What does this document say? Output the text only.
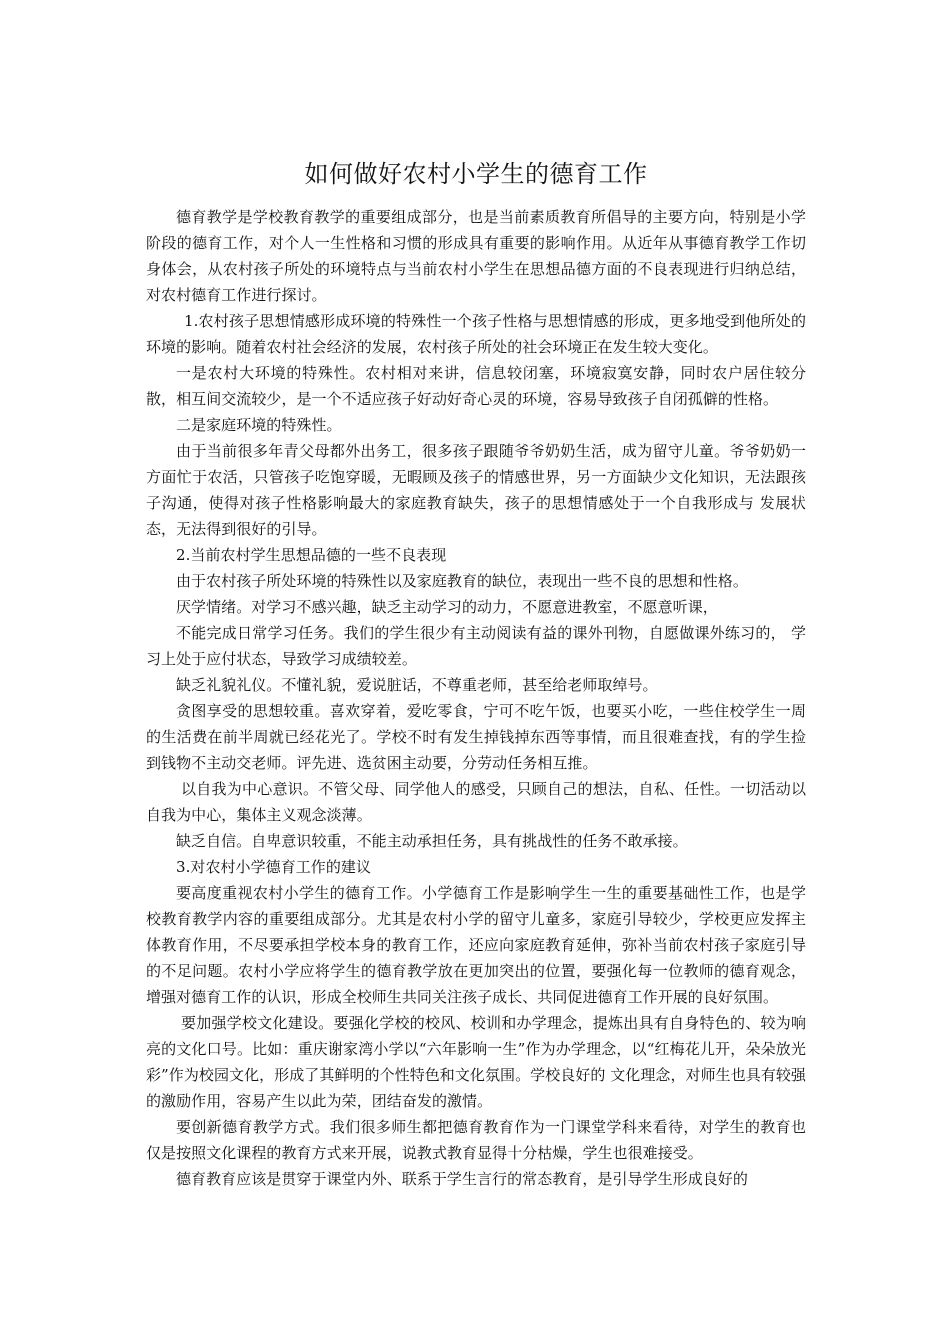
如何做好农村小学生的德育工作

德育教学是学校教育教学的重要组成部分，也是当前素质教育所倡导的主要方向，特别是小学阶段的德育工作，对个人一生性格和习惯的形成具有重要的影响作用。从近年从事德育教学工作切身体会，从农村孩子所处的环境特点与当前农村小学生在思想品德方面的不良表现进行归纳总结，对农村德育工作进行探讨。

1.农村孩子思想情感形成环境的特殊性一个孩子性格与思想情感的形成，更多地受到他所处的环境的影响。随着农村社会经济的发展，农村孩子所处的社会环境正在发生较大变化。

一是农村大环境的特殊性。农村相对来讲，信息较闭塞，环境寂寞安静，同时农户居住较分散，相互间交流较少，是一个不适应孩子好动好奇心灵的环境，容易导致孩子自闭孤僻的性格。

二是家庭环境的特殊性。

由于当前很多年青父母都外出务工，很多孩子跟随爷爷奶奶生活，成为留守儿童。爷爷奶奶一方面忙于农活，只管孩子吃饱穿暖，无暇顾及孩子的情感世界，另一方面缺少文化知识，无法跟孩子沟通，使得对孩子性格影响最大的家庭教育缺失，孩子的思想情感处于一个自我形成与 发展状态，无法得到很好的引导。

2.当前农村学生思想品德的一些不良表现

由于农村孩子所处环境的特殊性以及家庭教育的缺位，表现出一些不良的思想和性格。

厌学情绪。对学习不感兴趣，缺乏主动学习的动力，不愿意进教室，不愿意听课，

不能完成日常学习任务。我们的学生很少有主动阅读有益的课外刊物，自愿做课外练习的， 学习上处于应付状态，导致学习成绩较差。

缺乏礼貌礼仪。不懂礼貌，爱说脏话，不尊重老师，甚至给老师取绰号。

贪图享受的思想较重。喜欢穿着，爱吃零食，宁可不吃午饭，也要买小吃，一些住校学生一周的生活费在前半周就已经花光了。学校不时有发生掉钱掉东西等事情，而且很难查找，有的学生捡到钱物不主动交老师。评先进、选贫困主动要，分劳动任务相互推。

以自我为中心意识。不管父母、同学他人的感受，只顾自己的想法，自私、任性。一切活动以自我为中心，集体主义观念淡薄。

缺乏自信。自卑意识较重，不能主动承担任务，具有挑战性的任务不敢承接。

3.对农村小学德育工作的建议

要高度重视农村小学生的德育工作。小学德育工作是影响学生一生的重要基础性工作，也是学校教育教学内容的重要组成部分。尤其是农村小学的留守儿童多，家庭引导较少，学校更应发挥主体教育作用，不尽要承担学校本身的教育工作，还应向家庭教育延伸，弥补当前农村孩子家庭引导的不足问题。农村小学应将学生的德育教学放在更加突出的位置，要强化每一位教师的德育观念，增强对德育工作的认识，形成全校师生共同关注孩子成长、共同促进德育工作开展的良好氛围。

要加强学校文化建设。要强化学校的校风、校训和办学理念，提炼出具有自身特色的、较为响亮的文化口号。比如：重庆谢家湾小学以“六年影响一生”作为办学理念，以“红梅花儿开，朵朵放光彩”作为校园文化，形成了其鲜明的个性特色和文化氛围。学校良好的 文化理念，对师生也具有较强的激励作用，容易产生以此为荣，团结奋发的激情。

要创新德育教学方式。我们很多师生都把德育教育作为一门课堂学科来看待，对学生的教育也仅是按照文化课程的教育方式来开展，说教式教育显得十分枯燥，学生也很难接受。

德育教育应该是贯穿于课堂内外、联系于学生言行的常态教育，是引导学生形成良好的
